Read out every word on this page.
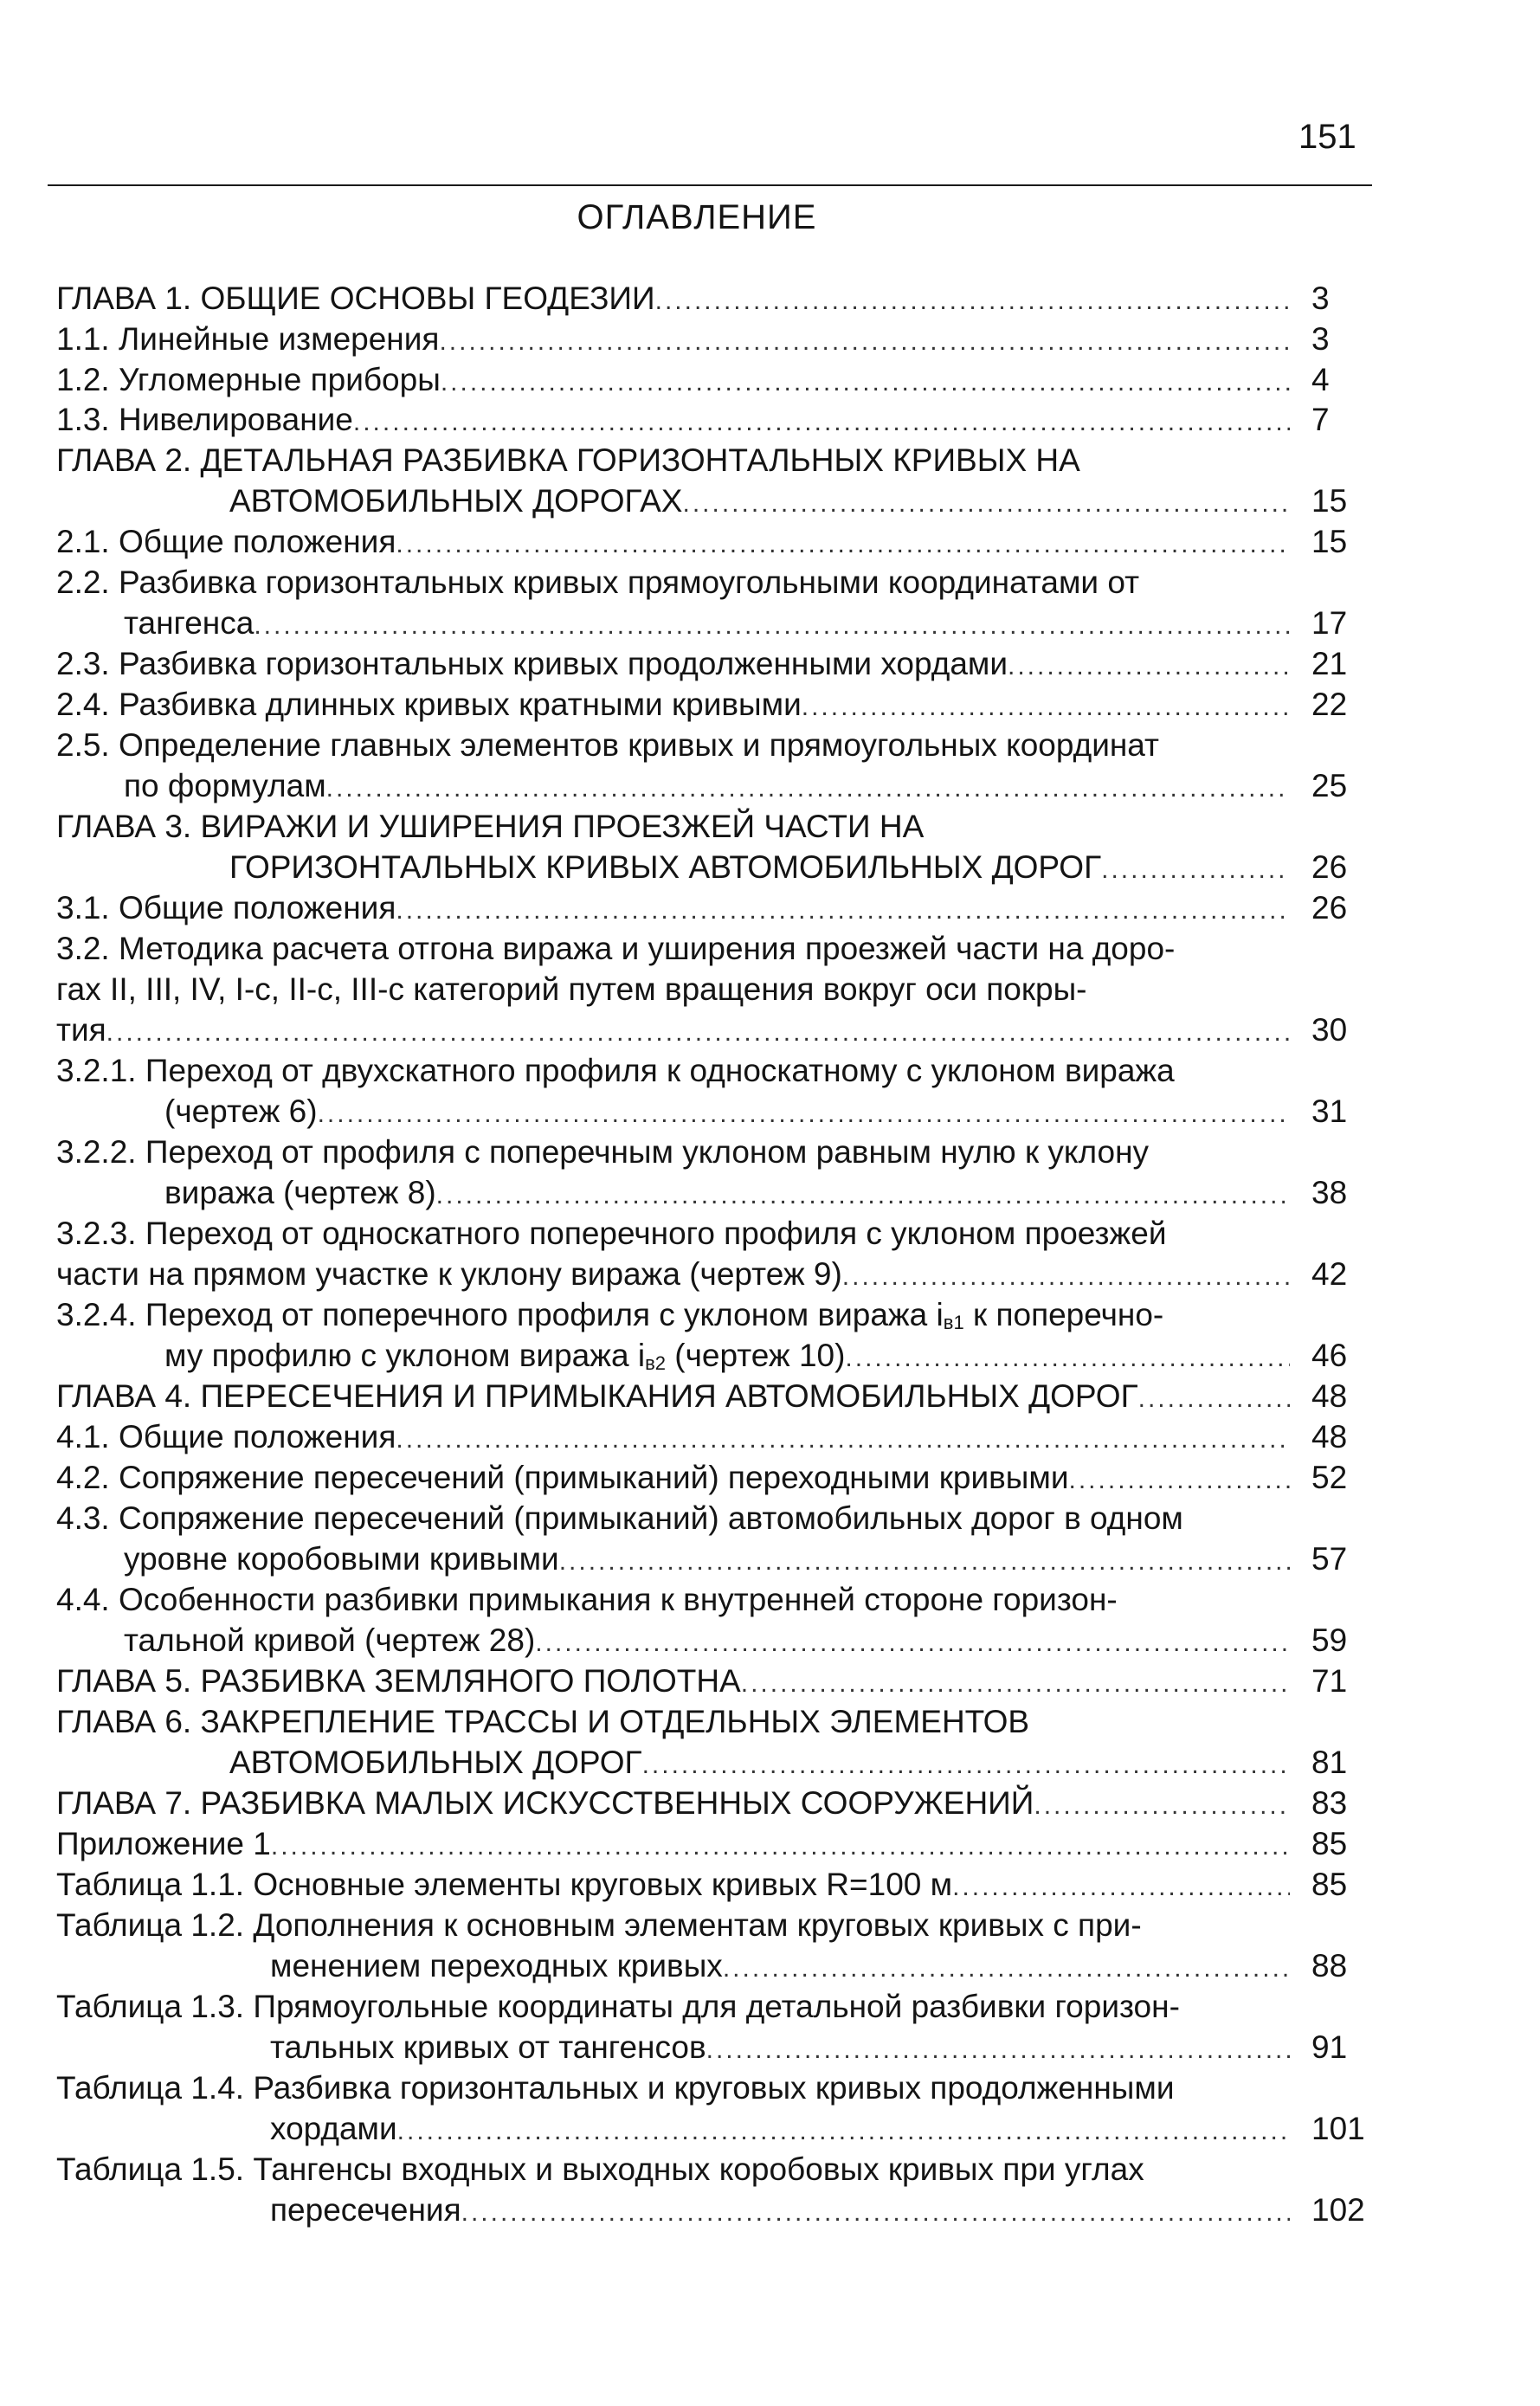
151
ОГЛАВЛЕНИЕ
ГЛАВА 1. ОБЩИЕ ОСНОВЫ ГЕОДЕЗИИ .....	3
1.1. Линейные измерения .....	3
1.2. Угломерные приборы .....	4
1.3. Нивелирование .....	7
ГЛАВА 2. ДЕТАЛЬНАЯ РАЗБИВКА ГОРИЗОНТАЛЬНЫХ КРИВЫХ НА
АВТОМОБИЛЬНЫХ ДОРОГАХ .....	15
2.1. Общие положения .....	15
2.2. Разбивка горизонтальных кривых прямоугольными координатами от
тангенса .....	17
2.3. Разбивка горизонтальных кривых продолженными хордами .....	21
2.4. Разбивка длинных кривых кратными кривыми .....	22
2.5. Определение главных элементов кривых и прямоугольных координат
по формулам .....	25
ГЛАВА 3. ВИРАЖИ И УШИРЕНИЯ ПРОЕЗЖЕЙ ЧАСТИ НА
ГОРИЗОНТАЛЬНЫХ КРИВЫХ АВТОМОБИЛЬНЫХ ДОРОГ .....	26
3.1. Общие положения .....	26
3.2. Методика расчета отгона виража и уширения проезжей части на доро-
гах II, III, IV, I-c, II-c, III-c категорий путем вращения вокруг оси покры-
тия .....	30
3.2.1. Переход от двухскатного профиля к односкатному с уклоном виража
(чертеж 6) .....	31
3.2.2. Переход от профиля с поперечным уклоном равным нулю к уклону
виража (чертеж 8) .....	38
3.2.3. Переход от односкатного поперечного профиля с уклоном проезжей
части на прямом участке к уклону виража (чертеж 9) .....	42
3.2.4. Переход от поперечного профиля с уклоном виража $i_{в1}$ к поперечно-
му профилю с уклоном виража $i_{в2}$ (чертеж 10) .....	46
ГЛАВА 4. ПЕРЕСЕЧЕНИЯ И ПРИМЫКАНИЯ АВТОМОБИЛЬНЫХ ДОРОГ .....	48
4.1. Общие положения .....	48
4.2. Сопряжение пересечений (примыканий) переходными кривыми .....	52
4.3. Сопряжение пересечений (примыканий) автомобильных дорог в одном
уровне коробовыми кривыми .....	57
4.4. Особенности разбивки примыкания к внутренней стороне горизон-
тальной кривой (чертеж 28) .....	59
ГЛАВА 5. РАЗБИВКА ЗЕМЛЯНОГО ПОЛОТНА .....	71
ГЛАВА 6. ЗАКРЕПЛЕНИЕ ТРАССЫ И ОТДЕЛЬНЫХ ЭЛЕМЕНТОВ
АВТОМОБИЛЬНЫХ ДОРОГ .....	81
ГЛАВА 7. РАЗБИВКА МАЛЫХ ИСКУССТВЕННЫХ СООРУЖЕНИЙ .....	83
Приложение 1 .....	85
Таблица 1.1. Основные элементы круговых кривых R=100 м .....	85
Таблица 1.2. Дополнения к основным элементам круговых кривых с при-
менением переходных кривых .....	88
Таблица 1.3. Прямоугольные координаты для детальной разбивки горизон-
тальных кривых от тангенсов .....	91
Таблица 1.4. Разбивка горизонтальных и круговых кривых продолженными
хордами .....	101
Таблица 1.5. Тангенсы входных и выходных коробовых кривых при углах
пересечения .....	102
